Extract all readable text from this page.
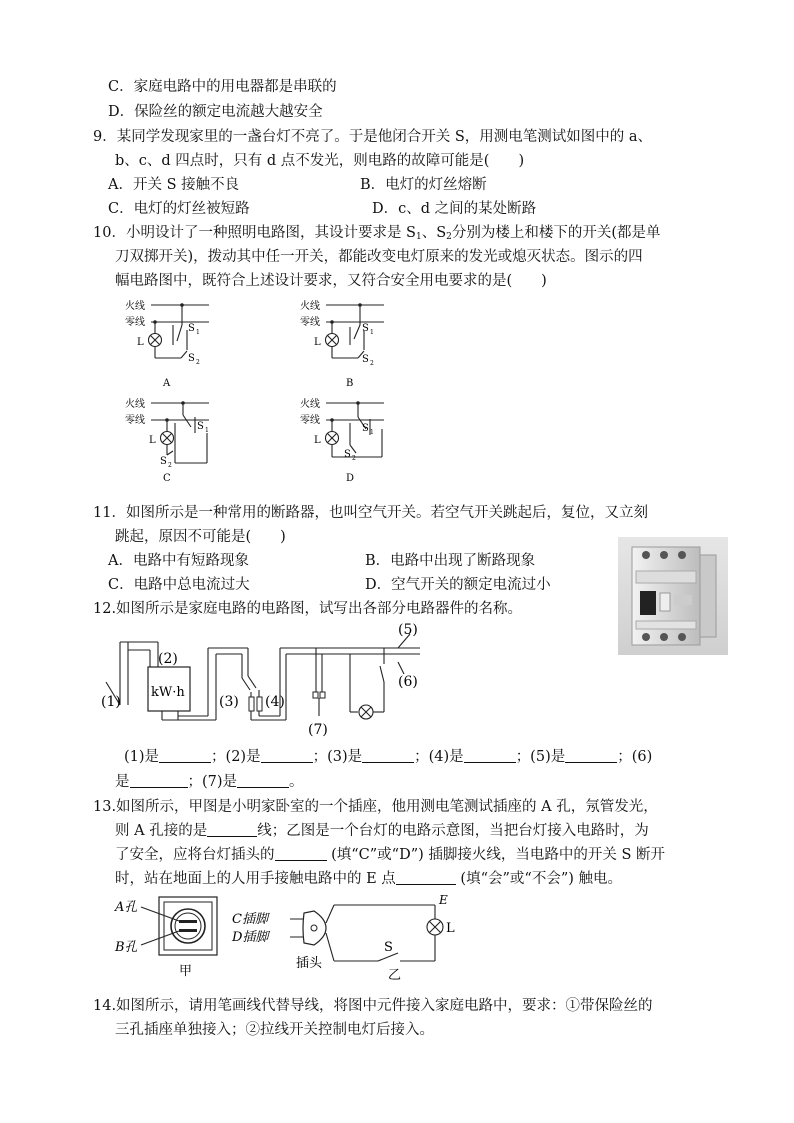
C．家庭电路中的用电器都是串联的
D．保险丝的额定电流越大越安全
9．某同学发现家里的一盏台灯不亮了。于是他闭合开关 S，用测电笔测试如图中的 a、
b、c、d 四点时，只有 d 点不发光，则电路的故障可能是(　　)
A．开关 S 接触不良	B．电灯的灯丝熔断
C．电灯的灯丝被短路	D．c、d 之间的某处断路
10．小明设计了一种照明电路图，其设计要求是 $S_1$、$S_2$分别为楼上和楼下的开关(都是单
刀双掷开关)，拨动其中任一开关，都能改变电灯原来的发光或熄灭状态。图示的四
幅电路图中，既符合上述设计要求，又符合安全用电要求的是(　　)
火线
零线
L
S 1
S 2
A
火线
零线
L
S 1
S 2
B
火线
零线
L
S 1
S 2
C
火线
零线
L
S 1
S 2
D
11．如图所示是一种常用的断路器，也叫空气开关。若空气开关跳起后，复位，又立刻
跳起，原因不可能是(　　)
A．电路中有短路现象	B．电路中出现了断路现象
C．电路中总电流过大	D．空气开关的额定电流过小
12.如图所示是家庭电路的电路图，试写出各部分电路器件的名称。
(1)
kW·h
(2)
(3) (4)
(5)
(7)
(6)
(1)是	；(2)是	；(3)是	；(4)是	；(5)是	；(6)
是	；(7)是	。
13.如图所示，甲图是小明家卧室的一个插座，他用测电笔测试插座的 A 孔，氖管发光，
则 A 孔接的是	线；乙图是一个台灯的电路示意图，当把台灯接入电路时，为
了安全，应将台灯插头的	(填“C”或“D”) 插脚接火线，当电路中的开关 S 断开
时，站在地面上的人用手接触电路中的 E 点	(填“会”或“不会”) 触电。
A孔
B孔
甲
C插脚
D插脚
插头
E
L
S
乙
14.如图所示，请用笔画线代替导线，将图中元件接入家庭电路中，要求：①带保险丝的
三孔插座单独接入；②拉线开关控制电灯后接入。
